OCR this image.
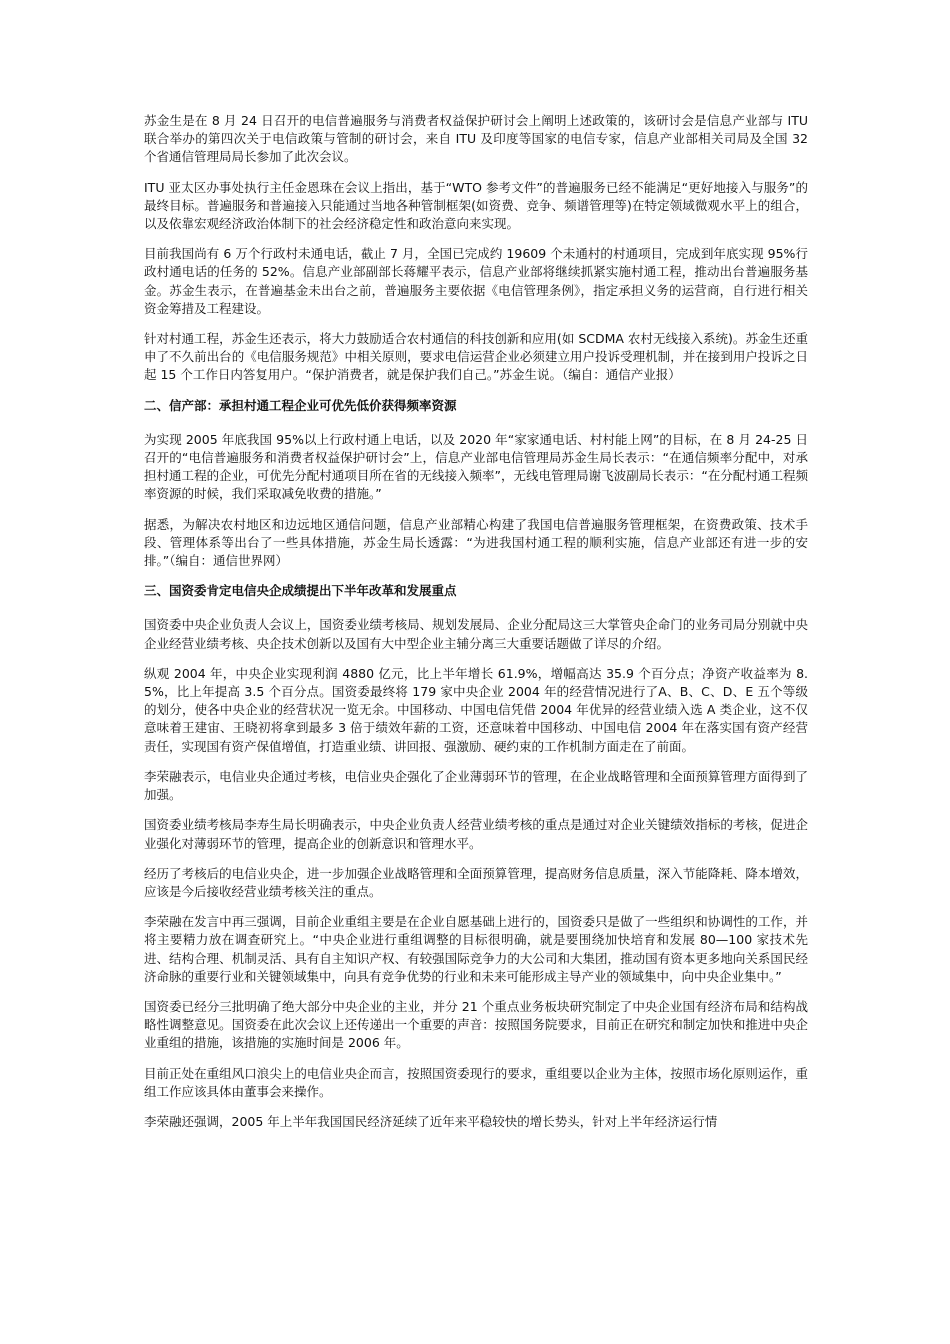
苏金生是在 8 月 24 日召开的电信普遍服务与消费者权益保护研讨会上阐明上述政策的，该研讨会是信息产业部与 ITU 联合举办的第四次关于电信政策与管制的研讨会，来自 ITU 及印度等国家的电信专家，信息产业部相关司局及全国 32 个省通信管理局局长参加了此次会议。

ITU 亚太区办事处执行主任金恩珠在会议上指出，基于“WTO 参考文件”的普遍服务已经不能满足“更好地接入与服务”的最终目标。普遍服务和普遍接入只能通过当地各种管制框架(如资费、竞争、频谱管理等)在特定领域微观水平上的组合，以及依靠宏观经济政治体制下的社会经济稳定性和政治意向来实现。

目前我国尚有 6 万个行政村未通电话，截止 7 月，全国已完成约 19609 个未通村的村通项目，完成到年底实现 95%行政村通电话的任务的 52%。信息产业部副部长蒋耀平表示，信息产业部将继续抓紧实施村通工程，推动出台普遍服务基金。苏金生表示，在普遍基金未出台之前，普遍服务主要依据《电信管理条例》，指定承担义务的运营商，自行进行相关资金筹措及工程建设。

针对村通工程，苏金生还表示，将大力鼓励适合农村通信的科技创新和应用(如 SCDMA 农村无线接入系统)。苏金生还重申了不久前出台的《电信服务规范》中相关原则，要求电信运营企业必须建立用户投诉受理机制，并在接到用户投诉之日起 15 个工作日内答复用户。“保护消费者，就是保护我们自己。”苏金生说。（编自：通信产业报）

二、信产部：承担村通工程企业可优先低价获得频率资源

为实现 2005 年底我国 95%以上行政村通上电话，以及 2020 年“家家通电话、村村能上网”的目标，在 8 月 24-25 日召开的“电信普遍服务和消费者权益保护研讨会”上，信息产业部电信管理局苏金生局长表示：“在通信频率分配中，对承担村通工程的企业，可优先分配村通项目所在省的无线接入频率”，无线电管理局谢飞波副局长表示：“在分配村通工程频率资源的时候，我们采取减免收费的措施。”

据悉，为解决农村地区和边远地区通信问题，信息产业部精心构建了我国电信普遍服务管理框架，在资费政策、技术手段、管理体系等出台了一些具体措施，苏金生局长透露：“为进我国村通工程的顺利实施，信息产业部还有进一步的安排。”（编自：通信世界网）

三、国资委肯定电信央企成绩提出下半年改革和发展重点

国资委中央企业负责人会议上，国资委业绩考核局、规划发展局、企业分配局这三大掌管央企命门的业务司局分别就中央企业经营业绩考核、央企技术创新以及国有大中型企业主辅分离三大重要话题做了详尽的介绍。

纵观 2004 年，中央企业实现利润 4880 亿元，比上半年增长 61.9%，增幅高达 35.9 个百分点；净资产收益率为 8.5%，比上年提高 3.5 个百分点。国资委最终将 179 家中央企业 2004 年的经营情况进行了A、B、C、D、E 五个等级的划分，使各中央企业的经营状况一览无余。中国移动、中国电信凭借 2004 年优异的经营业绩入选 A 类企业，这不仅意味着王建宙、王晓初将拿到最多 3 倍于绩效年薪的工资，还意味着中国移动、中国电信 2004 年在落实国有资产经营责任，实现国有资产保值增值，打造重业绩、讲回报、强激励、硬约束的工作机制方面走在了前面。

李荣融表示，电信业央企通过考核，电信业央企强化了企业薄弱环节的管理，在企业战略管理和全面预算管理方面得到了加强。

国资委业绩考核局李寿生局长明确表示，中央企业负责人经营业绩考核的重点是通过对企业关键绩效指标的考核，促进企业强化对薄弱环节的管理，提高企业的创新意识和管理水平。

经历了考核后的电信业央企，进一步加强企业战略管理和全面预算管理，提高财务信息质量，深入节能降耗、降本增效，应该是今后接收经营业绩考核关注的重点。

李荣融在发言中再三强调，目前企业重组主要是在企业自愿基础上进行的，国资委只是做了一些组织和协调性的工作，并将主要精力放在调查研究上。“中央企业进行重组调整的目标很明确，就是要围绕加快培育和发展 80—100 家技术先进、结构合理、机制灵活、具有自主知识产权、有较强国际竞争力的大公司和大集团，推动国有资本更多地向关系国民经济命脉的重要行业和关键领域集中，向具有竞争优势的行业和未来可能形成主导产业的领域集中，向中央企业集中。”

国资委已经分三批明确了绝大部分中央企业的主业，并分 21 个重点业务板块研究制定了中央企业国有经济布局和结构战略性调整意见。国资委在此次会议上还传递出一个重要的声音：按照国务院要求，目前正在研究和制定加快和推进中央企业重组的措施，该措施的实施时间是 2006 年。

目前正处在重组风口浪尖上的电信业央企而言，按照国资委现行的要求，重组要以企业为主体，按照市场化原则运作，重组工作应该具体由董事会来操作。

李荣融还强调，2005 年上半年我国国民经济延续了近年来平稳较快的增长势头，针对上半年经济运行情
